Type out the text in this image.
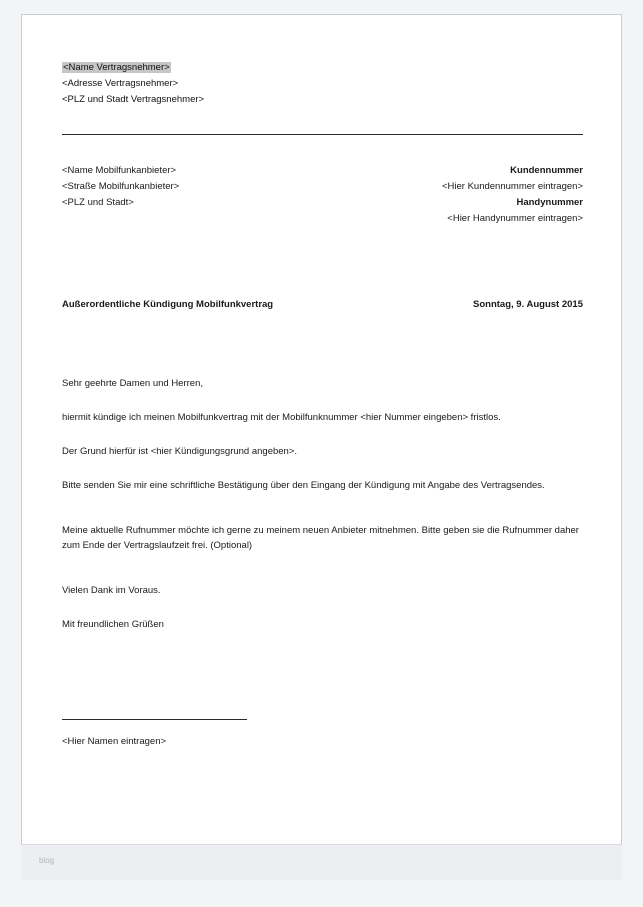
<Name Vertragsnehmer>
<Adresse Vertragsnehmer>
<PLZ und Stadt Vertragsnehmer>
<Name Mobilfunkanbieter>
<Straße Mobilfunkanbieter>
<PLZ und Stadt>
Kundennummer
<Hier Kundennummer eintragen>
Handynummer
<Hier Handynummer eintragen>
Außerordentliche Kündigung Mobilfunkvertrag	Sonntag, 9. August 2015

Sehr geehrte Damen und Herren,

hiermit kündige ich meinen Mobilfunkvertrag mit der Mobilfunknummer <hier Nummer eingeben> fristlos.

Der Grund hierfür ist <hier Kündigungsgrund angeben>.

Bitte senden Sie mir eine schriftliche Bestätigung über den Eingang der Kündigung mit Angabe des Vertragsendes.

Meine aktuelle Rufnummer möchte ich gerne zu meinem neuen Anbieter mitnehmen. Bitte geben sie die Rufnummer daher zum Ende der Vertragslaufzeit frei. (Optional)

Vielen Dank im Voraus.

Mit freundlichen Grüßen

<Hier Namen eintragen>
blog
